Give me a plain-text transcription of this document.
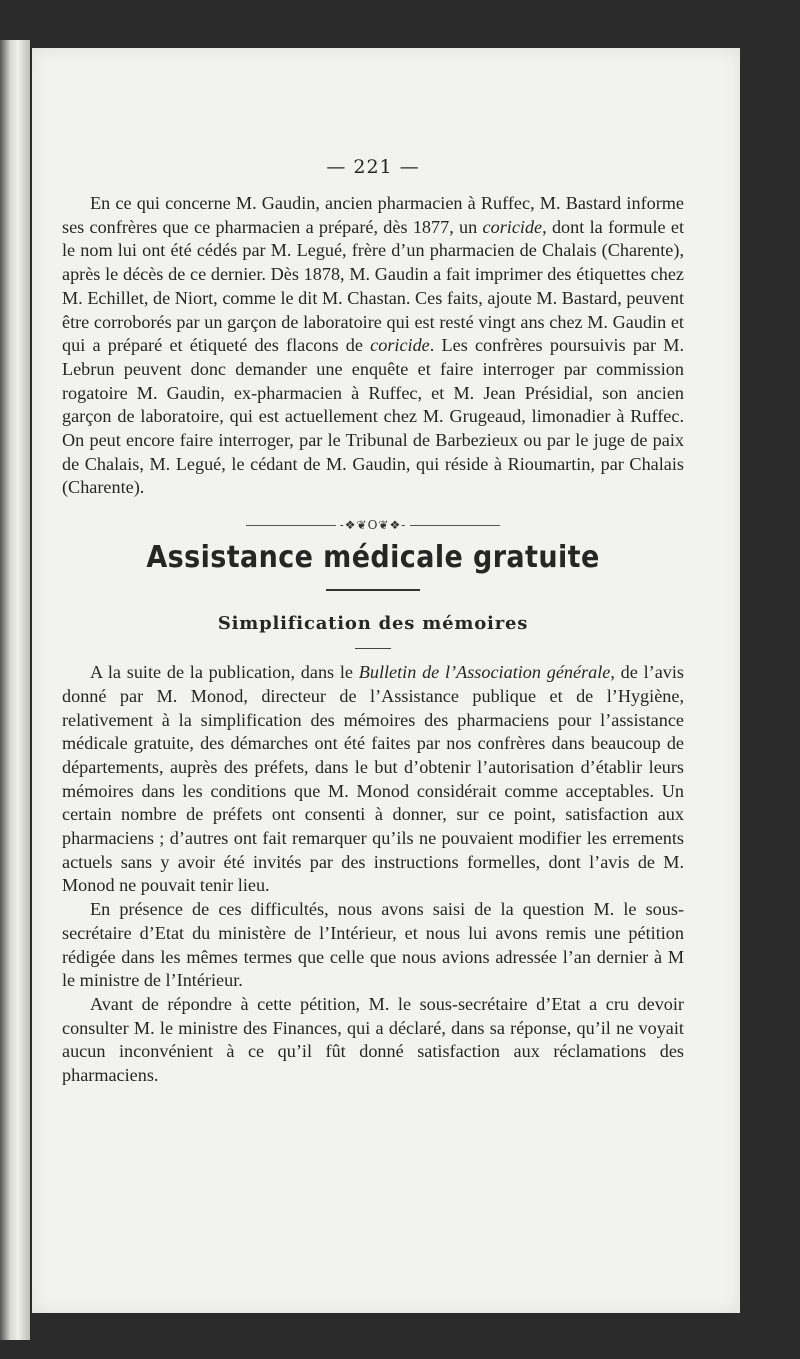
— 221 —

En ce qui concerne M. Gaudin, ancien pharmacien à Ruffec, M. Bastard informe ses confrères que ce pharmacien a préparé, dès 1877, un coricide, dont la formule et le nom lui ont été cédés par M. Legué, frère d’un pharmacien de Chalais (Charente), après le décès de ce dernier. Dès 1878, M. Gaudin a fait imprimer des étiquettes chez M. Echillet, de Niort, comme le dit M. Chastan. Ces faits, ajoute M. Bastard, peuvent être corroborés par un garçon de laboratoire qui est resté vingt ans chez M. Gaudin et qui a préparé et étiqueté des flacons de coricide. Les confrères poursuivis par M. Lebrun peuvent donc demander une enquête et faire interroger par commission rogatoire M. Gaudin, ex-pharmacien à Ruffec, et M. Jean Présidial, son ancien garçon de laboratoire, qui est actuellement chez M. Grugeaud, limonadier à Ruffec. On peut encore faire interroger, par le Tribunal de Barbezieux ou par le juge de paix de Chalais, M. Legué, le cédant de M. Gaudin, qui réside à Rioumartin, par Chalais (Charente).

-❖❦O❦❖-
Assistance médicale gratuite
Simplification des mémoires

A la suite de la publication, dans le Bulletin de l’Association générale, de l’avis donné par M. Monod, directeur de l’Assistance publique et de l’Hygiène, relativement à la simplification des mémoires des pharmaciens pour l’assistance médicale gratuite, des démarches ont été faites par nos confrères dans beaucoup de départements, auprès des préfets, dans le but d’obtenir l’autorisation d’établir leurs mémoires dans les conditions que M. Monod considérait comme acceptables. Un certain nombre de préfets ont consenti à donner, sur ce point, satisfaction aux pharmaciens ; d’autres ont fait remarquer qu’ils ne pouvaient modifier les errements actuels sans y avoir été invités par des instructions formelles, dont l’avis de M. Monod ne pouvait tenir lieu.

En présence de ces difficultés, nous avons saisi de la question M. le sous-secrétaire d’Etat du ministère de l’Intérieur, et nous lui avons remis une pétition rédigée dans les mêmes termes que celle que nous avions adressée l’an dernier à M le ministre de l’Intérieur.

Avant de répondre à cette pétition, M. le sous-secrétaire d’Etat a cru devoir consulter M. le ministre des Finances, qui a déclaré, dans sa réponse, qu’il ne voyait aucun inconvénient à ce qu’il fût donné satisfaction aux réclamations des pharmaciens.
